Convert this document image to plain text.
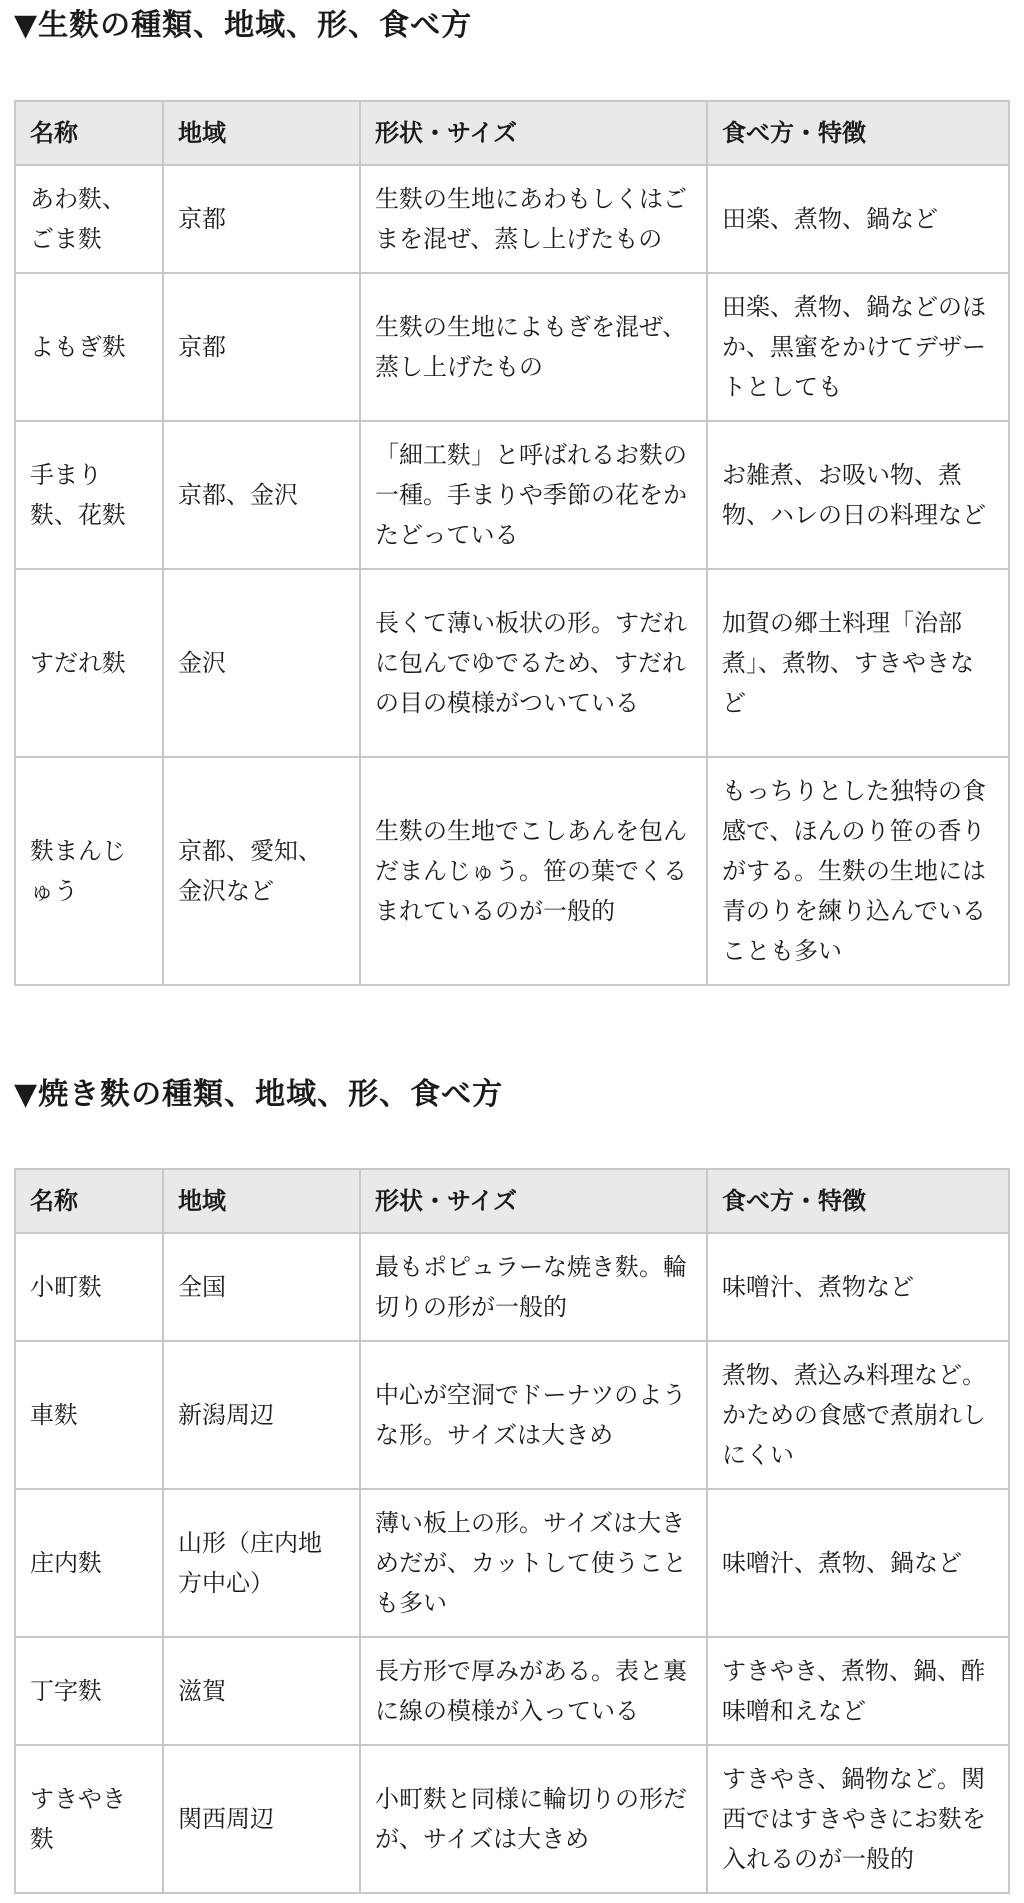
▼生麩の種類、地域、形、食べ方
名称	地域	形状・サイズ	食べ方・特徴
あわ麩、ごま麩	京都	生麩の生地にあわもしくはごまを混ぜ、蒸し上げたもの	田楽、煮物、鍋など
よもぎ麩	京都	生麩の生地によもぎを混ぜ、蒸し上げたもの	田楽、煮物、鍋などのほか、黒蜜をかけてデザートとしても
手まり麩、花麩	京都、金沢	「細工麩」と呼ばれるお麩の一種。手まりや季節の花をかたどっている	お雑煮、お吸い物、煮物、ハレの日の料理など
すだれ麩	金沢	長くて薄い板状の形。すだれに包んでゆでるため、すだれの目の模様がついている	加賀の郷土料理「治部煮」、煮物、すきやきなど
麩まんじゅう	京都、愛知、金沢など	生麩の生地でこしあんを包んだまんじゅう。笹の葉でくるまれているのが一般的	もっちりとした独特の食感で、ほんのり笹の香りがする。生麩の生地には青のりを練り込んでいることも多い
▼焼き麩の種類、地域、形、食べ方
名称	地域	形状・サイズ	食べ方・特徴
小町麩	全国	最もポピュラーな焼き麩。輪切りの形が一般的	味噌汁、煮物など
車麩	新潟周辺	中心が空洞でドーナツのような形。サイズは大きめ	煮物、煮込み料理など。かための食感で煮崩れしにくい
庄内麩	山形（庄内地方中心）	薄い板上の形。サイズは大きめだが、カットして使うことも多い	味噌汁、煮物、鍋など
丁字麩	滋賀	長方形で厚みがある。表と裏に線の模様が入っている	すきやき、煮物、鍋、酢味噌和えなど
すきやき麩	関西周辺	小町麩と同様に輪切りの形だが、サイズは大きめ	すきやき、鍋物など。関西ではすきやきにお麩を入れるのが一般的
